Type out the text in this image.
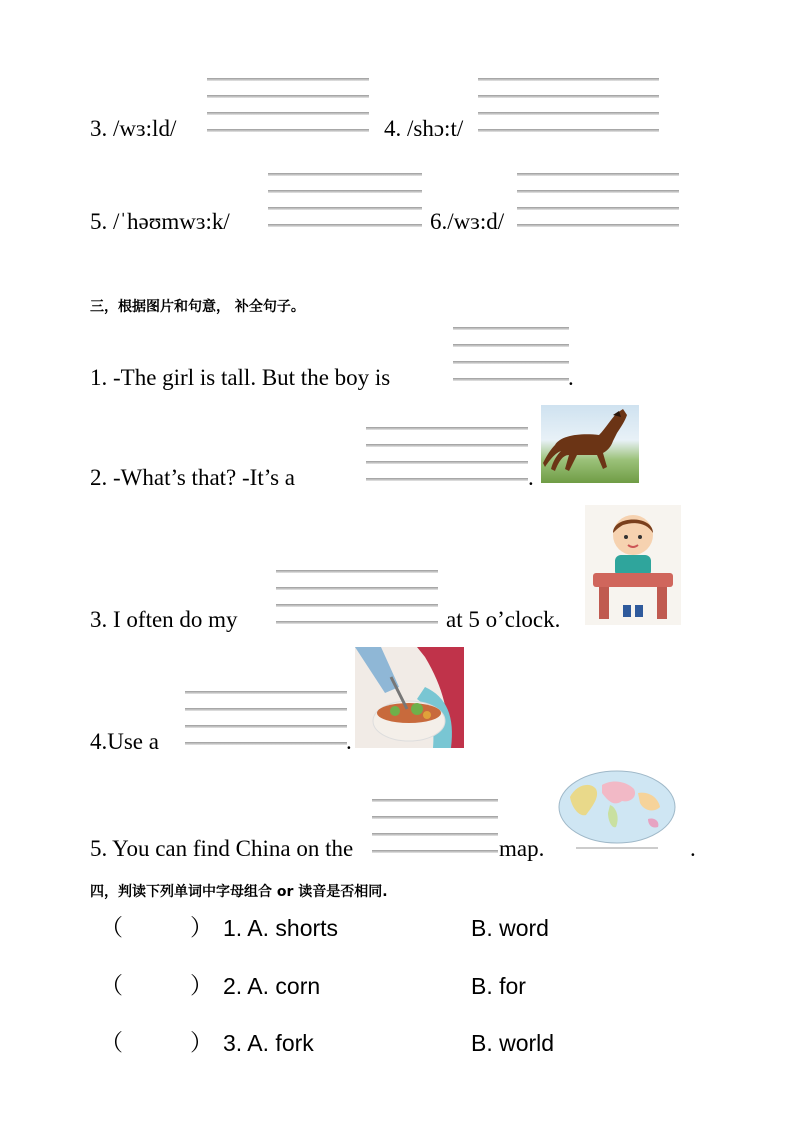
3. /wɜ:ld/	4. /shɔ:t/
5. /ˈhəʊmwɜ:k/	6./wɜ:d/
三，根据图片和句意， 补全句子。
1. -The girl is tall. But the boy is	.
2. -What’s that? -It’s a	.
3. I often do my	at 5 o’clock.
4.Use a	.
5. You can find China on the	map.	.
四，判读下列单词中字母组合 or 读音是否相同.
（	） 1. A. shorts	B. word
（	） 2. A. corn	B. for
（	） 3. A. fork	B. world
